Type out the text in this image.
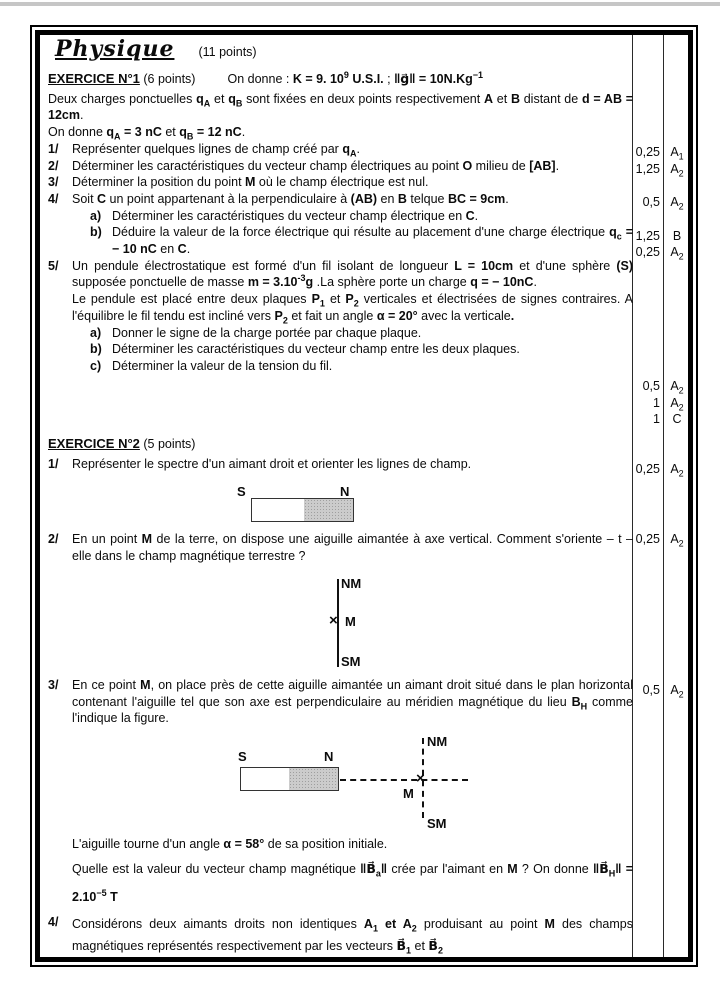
Physique (11 points)
EXERCICE N°1 (6 points)	On donne : K = 9. $10^9$ U.S.I. ; ‖g⃗‖ = $10N.Kg^{-1}$
Deux charges ponctuelles $q_A$ et $q_B$ sont fixées en deux points respectivement A et B distant de d = AB = 12cm.
On donne $q_A = 3$ nC et $q_B = 12$ nC.
1/ Représenter quelques lignes de champ créé par $q_A$.
2/ Déterminer les caractéristiques du vecteur champ électriques au point O milieu de [AB].
3/ Déterminer la position du point M où le champ électrique est nul.
4/ Soit C un point appartenant à la perpendiculaire à (AB) en B telque BC = 9cm.
a) Déterminer les caractéristiques du vecteur champ électrique en C.
b) Déduire la valeur de la force électrique qui résulte au placement d'une charge électrique $q_c$ = − 10 nC en C.
5/ Un pendule électrostatique est formé d'un fil isolant de longueur L = 10cm et d'une sphère (S) supposée ponctuelle de masse $m = 3.10^{-3}g$ .La sphère porte un charge q = − 10nC.
Le pendule est placé entre deux plaques $P_1$ et $P_2$ verticales et électrisées de signes contraires. A l'équilibre le fil tendu est incliné vers $P_2$ et fait un angle α = 20° avec la verticale.
a) Donner le signe de la charge portée par chaque plaque.
b) Déterminer les caractéristiques du vecteur champ entre les deux plaques.
c) Déterminer la valeur de la tension du fil.
EXERCICE N°2 (5 points)
1/ Représenter le spectre d'un aimant droit et orienter les lignes de champ.
S	N
2/ En un point M de la terre, on dispose une aiguille aimantée à axe vertical. Comment s'oriente – t – elle dans le champ magnétique terrestre ?
NM
× M
SM
3/ En ce point M, on place près de cette aiguille aimantée un aimant droit situé dans le plan horizontal contenant l'aiguille tel que son axe est perpendiculaire au méridien magnétique du lieu $B_H$ comme l'indique la figure.
S	N
NM
×
M
SM
L'aiguille tourne d'un angle α = 58° de sa position initiale.
Quelle est la valeur du vecteur champ magnétique $‖B⃗_a‖$ crée par l'aimant en M ? On donne $‖B⃗_H‖ = 2.10^{-5}$ T
4/ Considérons deux aimants droits non identiques $A_1$ et $A_2$ produisant au point M des champs magnétiques représentés respectivement par les vecteurs $B⃗_1$ et $B⃗_2$
0,25 $A_1$
1,25 $A_2$
0,5 $A_2$
1,25	B
0,25 $A_2$
0,5 $A_2$
1 $A_2$
1 C
0,25 $A_2$
0,25 $A_2$
0,5 $A_2$
